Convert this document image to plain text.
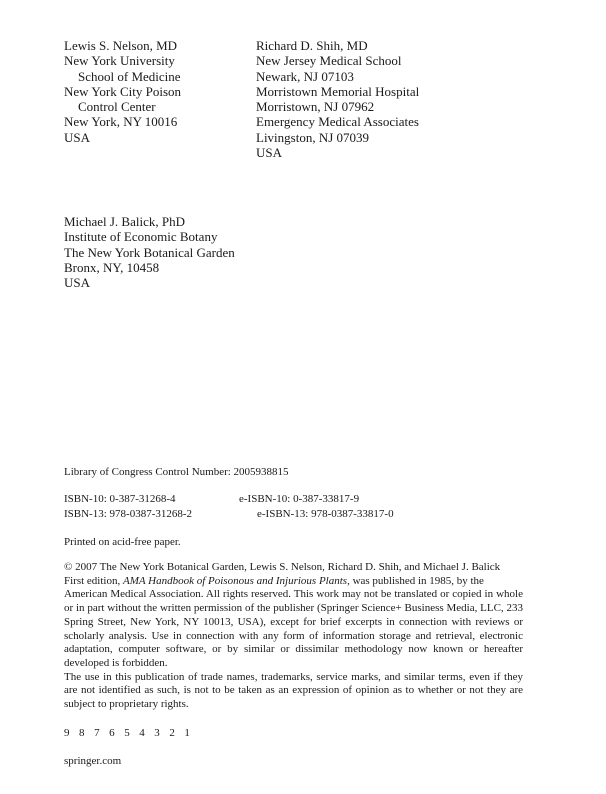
Lewis S. Nelson, MD
New York University
School of Medicine
New York City Poison
Control Center
New York, NY 10016
USA
Richard D. Shih, MD
New Jersey Medical School
Newark, NJ 07103
Morristown Memorial Hospital
Morristown, NJ 07962
Emergency Medical Associates
Livingston, NJ 07039
USA
Michael J. Balick, PhD
Institute of Economic Botany
The New York Botanical Garden
Bronx, NY, 10458
USA
Library of Congress Control Number: 2005938815
ISBN-10: 0-387-31268-4	e-ISBN-10: 0-387-33817-9
ISBN-13: 978-0387-31268-2	e-ISBN-13: 978-0387-33817-0
Printed on acid-free paper.
© 2007 The New York Botanical Garden, Lewis S. Nelson, Richard D. Shih, and Michael J. Balick
First edition, AMA Handbook of Poisonous and Injurious Plants, was published in 1985, by the

American Medical Association. All rights reserved. This work may not be translated or copied in whole or in part without the written permission of the publisher (Springer Science+ Business Media, LLC, 233 Spring Street, New York, NY 10013, USA), except for brief excerpts in connection with reviews or scholarly analysis. Use in connection with any form of information storage and retrieval, electronic adaptation, computer software, or by similar or dissimilar methodology now known or hereafter developed is forbidden.

The use in this publication of trade names, trademarks, service marks, and similar terms, even if they are not identified as such, is not to be taken as an expression of opinion as to whether or not they are subject to proprietary rights.

9 8 7 6 5 4 3 2 1
springer.com
